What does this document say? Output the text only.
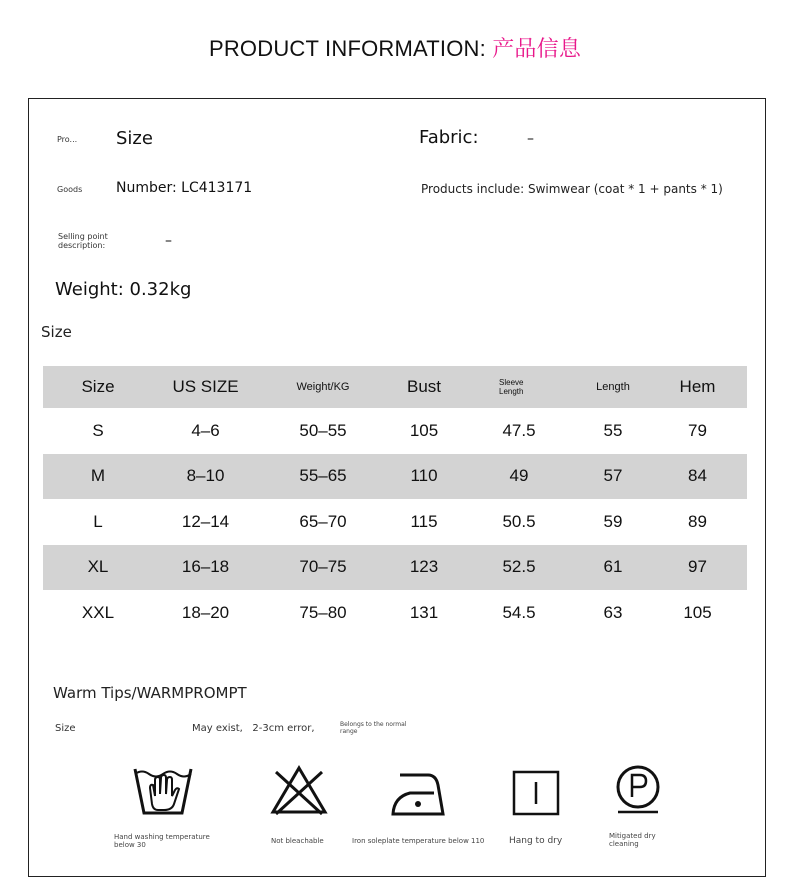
PRODUCT INFORMATION: 产品信息
Pro... Size	Fabric:	–
Goods Number: LC413171	Products include: Swimwear (coat * 1 + pants * 1)
Selling point description:	–
Weight: 0.32kg
Size
Size	US SIZE	Weight/KG	Bust	Sleeve Length	Length	Hem
S	4–6	50–55	105	47.5	55	79
M	8–10	55–65	110	49	57	84
L	12–14	65–70	115	50.5	59	89
XL	16–18	70–75	123	52.5	61	97
XXL	18–20	75–80	131	54.5	63	105
Warm Tips/WARMPROMPT
Size	May exist,   2-3cm error,	Belongs to the normal range
Hand washing temperature below 30	Not bleachable	Iron soleplate temperature below 110	Hang to dry	Mitigated dry cleaning
